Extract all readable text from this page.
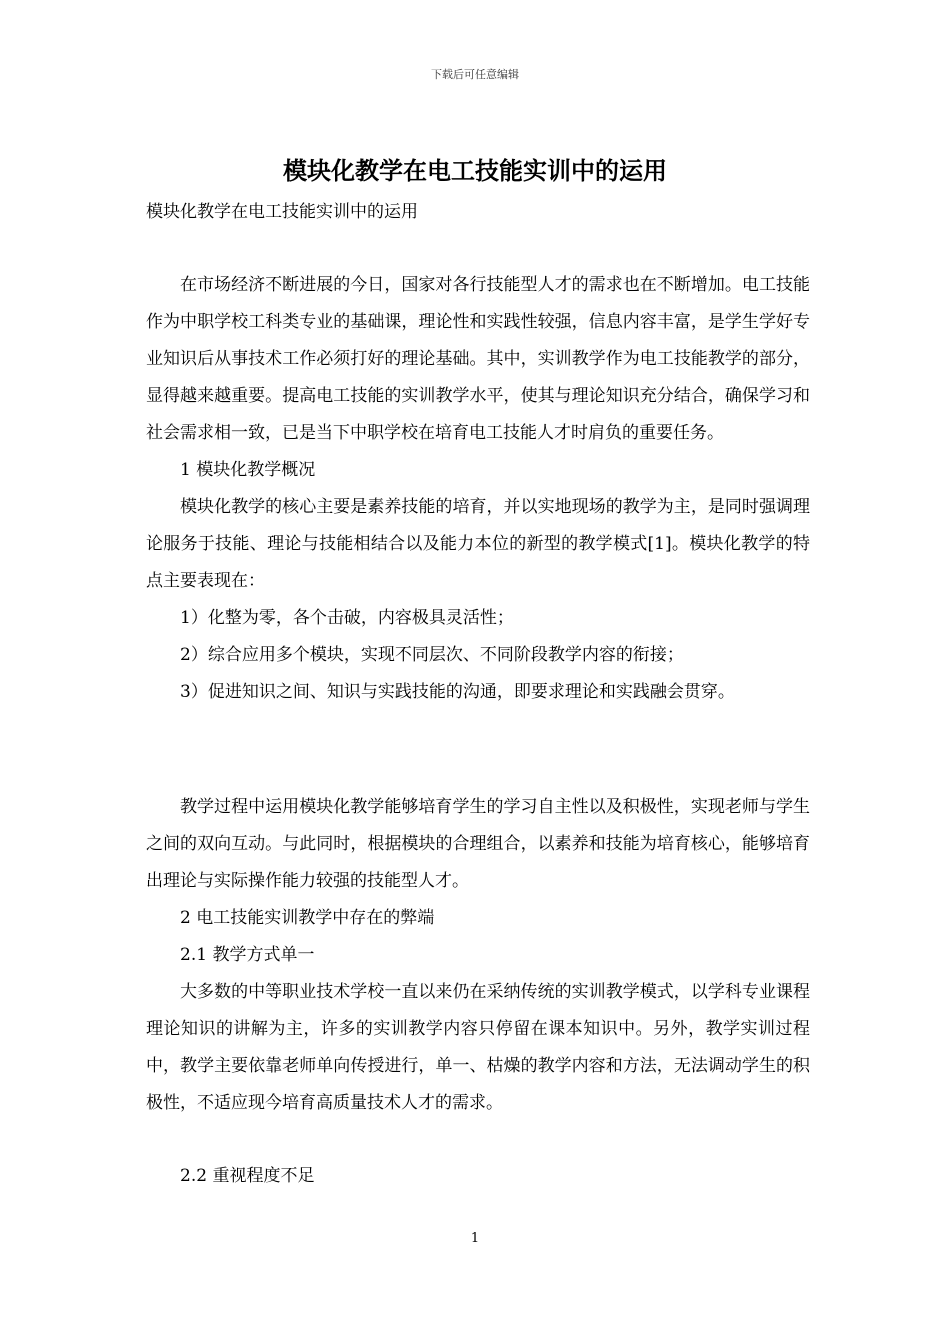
下载后可任意编辑
模块化教学在电工技能实训中的运用
模块化教学在电工技能实训中的运用

在市场经济不断进展的今日，国家对各行技能型人才的需求也在不断增加。电工技能作为中职学校工科类专业的基础课，理论性和实践性较强，信息内容丰富，是学生学好专业知识后从事技术工作必须打好的理论基础。其中，实训教学作为电工技能教学的部分，显得越来越重要。提高电工技能的实训教学水平，使其与理论知识充分结合，确保学习和社会需求相一致，已是当下中职学校在培育电工技能人才时肩负的重要任务。

1 模块化教学概况

模块化教学的核心主要是素养技能的培育，并以实地现场的教学为主，是同时强调理论服务于技能、理论与技能相结合以及能力本位的新型的教学模式[1]。模块化教学的特点主要表现在：

1）化整为零，各个击破，内容极具灵活性；

2）综合应用多个模块，实现不同层次、不同阶段教学内容的衔接；

3）促进知识之间、知识与实践技能的沟通，即要求理论和实践融会贯穿。

教学过程中运用模块化教学能够培育学生的学习自主性以及积极性，实现老师与学生之间的双向互动。与此同时，根据模块的合理组合，以素养和技能为培育核心，能够培育出理论与实际操作能力较强的技能型人才。

2 电工技能实训教学中存在的弊端

2.1 教学方式单一

大多数的中等职业技术学校一直以来仍在采纳传统的实训教学模式，以学科专业课程理论知识的讲解为主，许多的实训教学内容只停留在课本知识中。另外，教学实训过程中，教学主要依靠老师单向传授进行，单一、枯燥的教学内容和方法，无法调动学生的积极性，不适应现今培育高质量技术人才的需求。

2.2 重视程度不足

1
